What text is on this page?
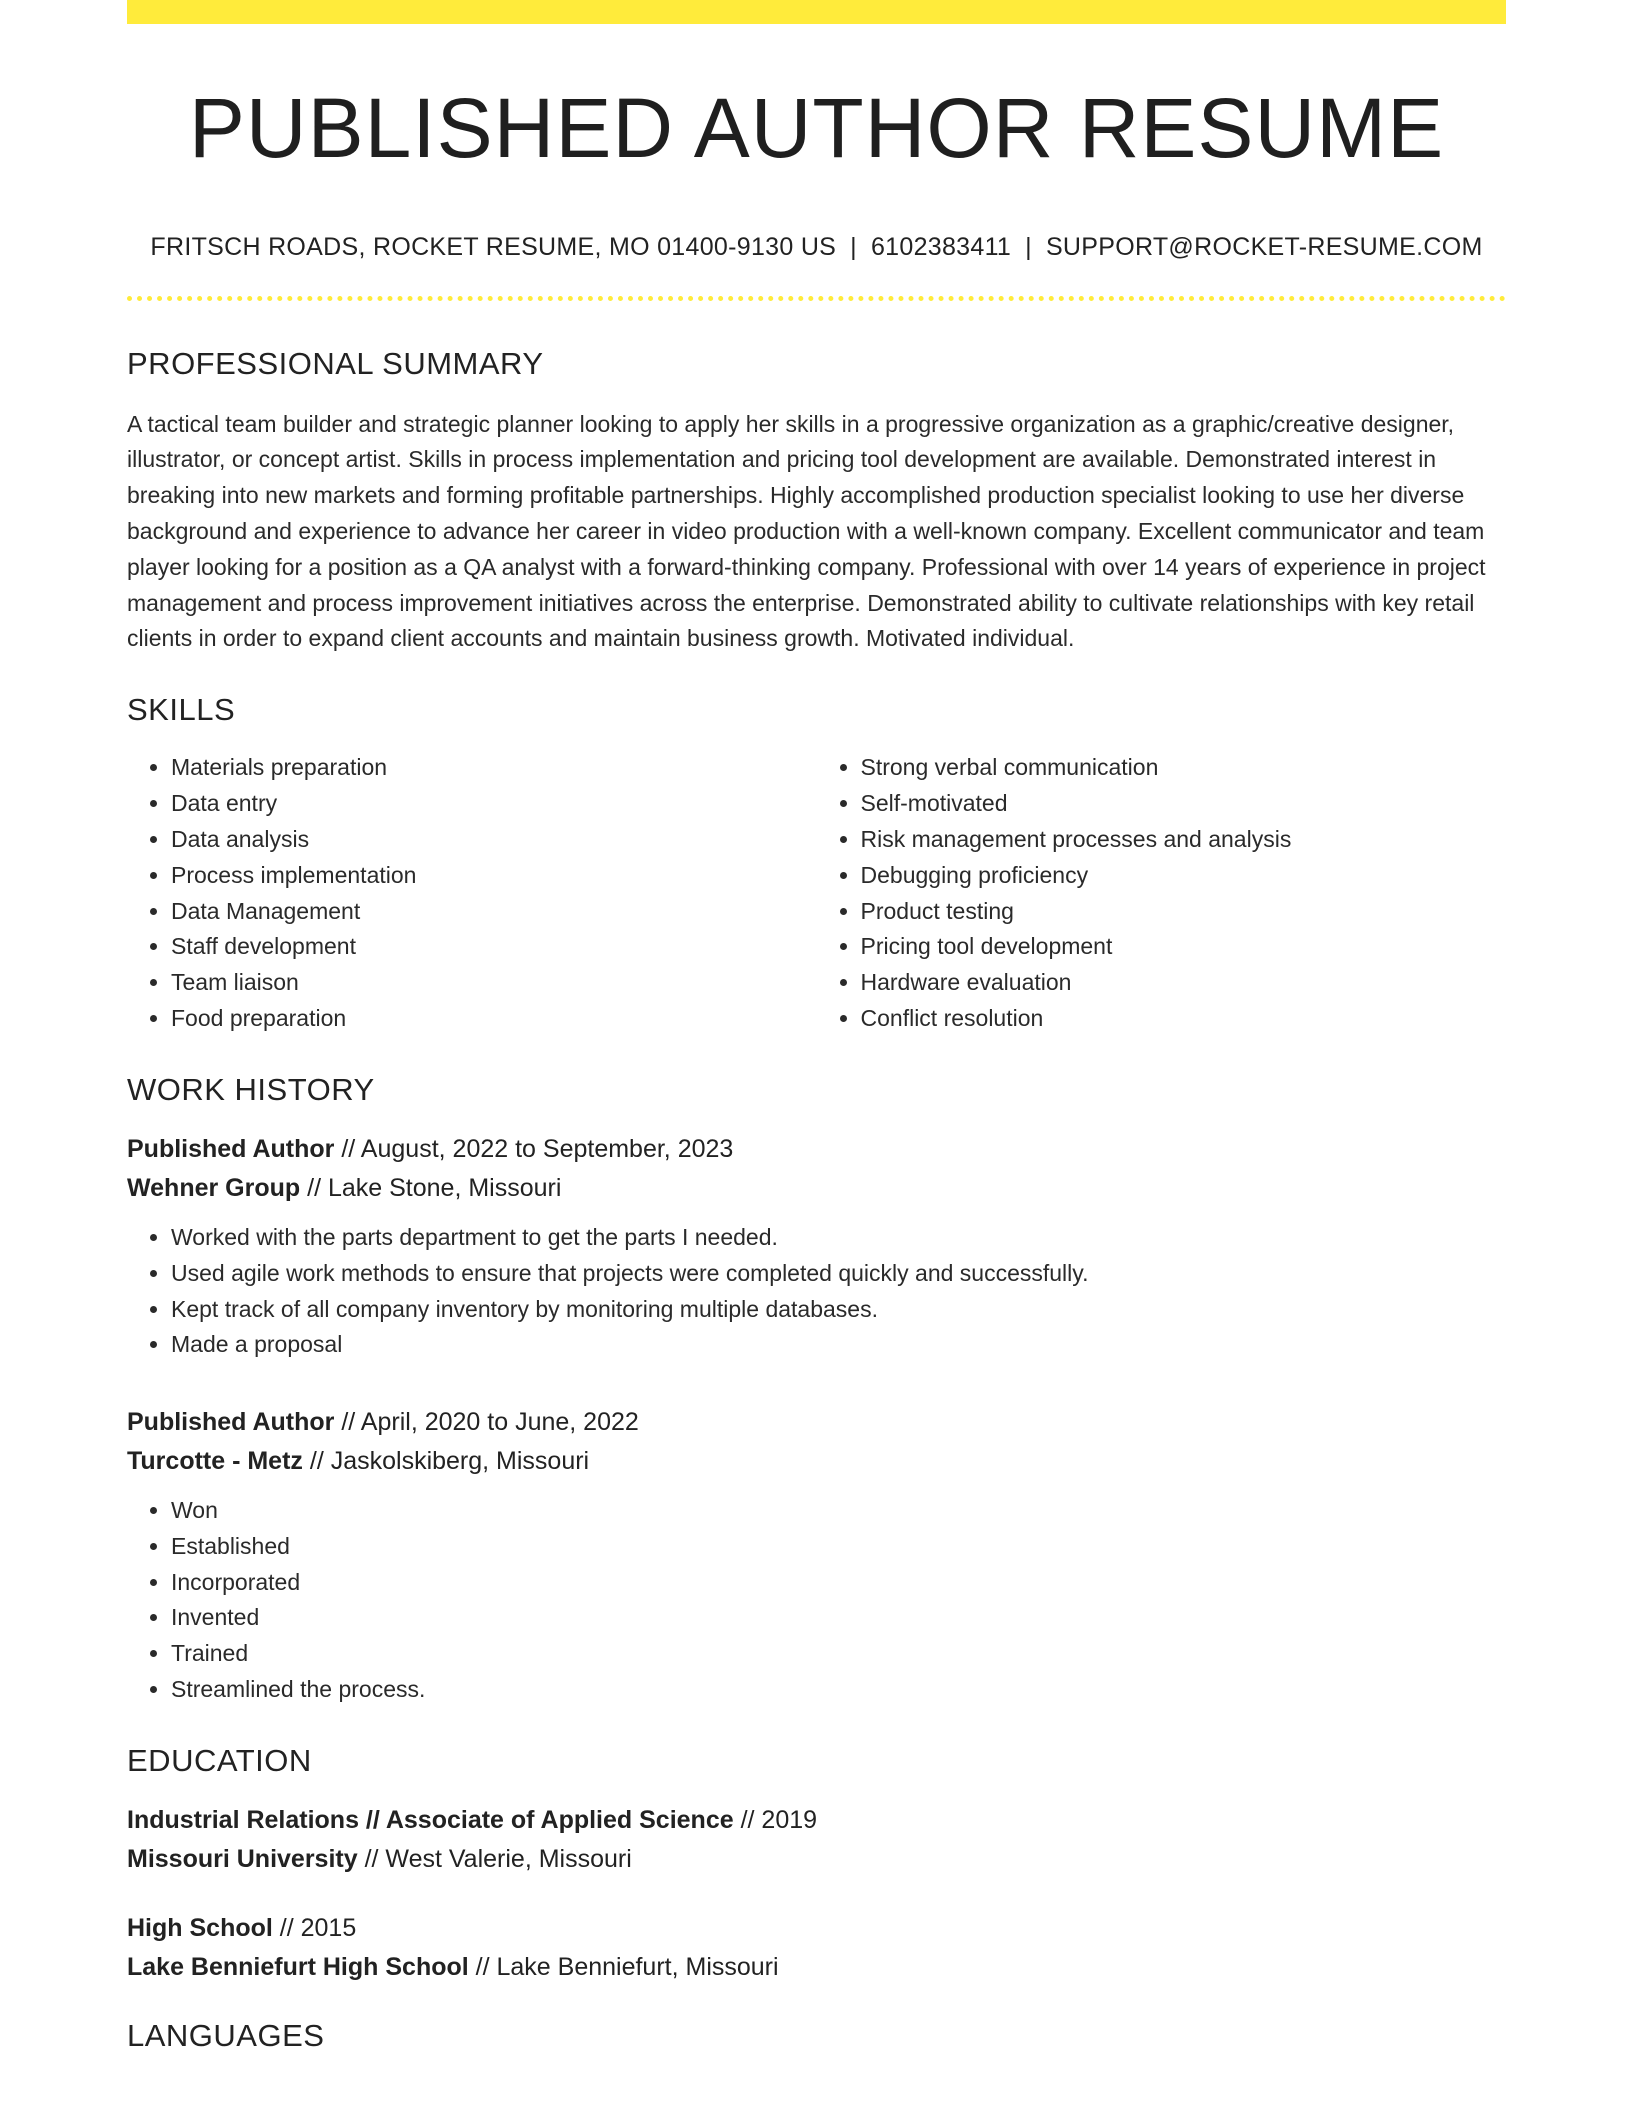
PUBLISHED AUTHOR RESUME
FRITSCH ROADS, ROCKET RESUME, MO 01400-9130 US | 6102383411 | SUPPORT@ROCKET-RESUME.COM
PROFESSIONAL SUMMARY
A tactical team builder and strategic planner looking to apply her skills in a progressive organization as a graphic/creative designer, illustrator, or concept artist. Skills in process implementation and pricing tool development are available. Demonstrated interest in breaking into new markets and forming profitable partnerships. Highly accomplished production specialist looking to use her diverse background and experience to advance her career in video production with a well-known company. Excellent communicator and team player looking for a position as a QA analyst with a forward-thinking company. Professional with over 14 years of experience in project management and process improvement initiatives across the enterprise. Demonstrated ability to cultivate relationships with key retail clients in order to expand client accounts and maintain business growth. Motivated individual.
SKILLS
• Materials preparation
• Data entry
• Data analysis
• Process implementation
• Data Management
• Staff development
• Team liaison
• Food preparation
• Strong verbal communication
• Self-motivated
• Risk management processes and analysis
• Debugging proficiency
• Product testing
• Pricing tool development
• Hardware evaluation
• Conflict resolution
WORK HISTORY
Published Author // August, 2022 to September, 2023
Wehner Group // Lake Stone, Missouri
• Worked with the parts department to get the parts I needed.
• Used agile work methods to ensure that projects were completed quickly and successfully.
• Kept track of all company inventory by monitoring multiple databases.
• Made a proposal
Published Author // April, 2020 to June, 2022
Turcotte - Metz // Jaskolskiberg, Missouri
• Won
• Established
• Incorporated
• Invented
• Trained
• Streamlined the process.
EDUCATION
Industrial Relations // Associate of Applied Science // 2019
Missouri University // West Valerie, Missouri
High School // 2015
Lake Benniefurt High School // Lake Benniefurt, Missouri
LANGUAGES
